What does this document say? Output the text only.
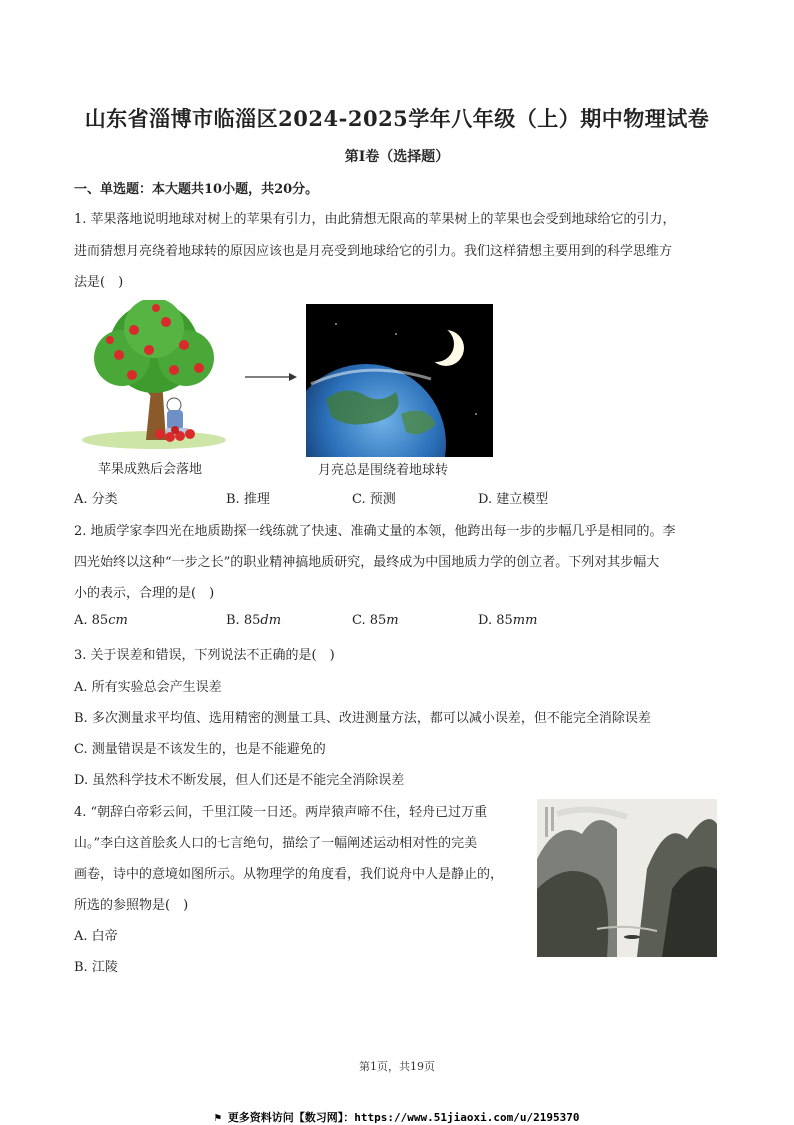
山东省淄博市临淄区2024-2025学年八年级（上）期中物理试卷
第Ⅰ卷（选择题）
一、单选题：本大题共10小题，共20分。
1. 苹果落地说明地球对树上的苹果有引力，由此猜想无限高的苹果树上的苹果也会受到地球给它的引力，
进而猜想月亮绕着地球转的原因应该也是月亮受到地球给它的引力。我们这样猜想主要用到的科学思维方
法是(　)
苹果成熟后会落地	月亮总是围绕着地球转
A. 分类	B. 推理	C. 预测	D. 建立模型
2. 地质学家李四光在地质勘探一线练就了快速、准确丈量的本领，他跨出每一步的步幅几乎是相同的。李
四光始终以这种“一步之长”的职业精神搞地质研究，最终成为中国地质力学的创立者。下列对其步幅大
小的表示，合理的是(　)
A. 85cm	B. 85dm	C. 85m	D. 85mm
3. 关于误差和错误，下列说法不正确的是(　)
A. 所有实验总会产生误差
B. 多次测量求平均值、选用精密的测量工具、改进测量方法，都可以减小误差，但不能完全消除误差
C. 测量错误是不该发生的，也是不能避免的
D. 虽然科学技术不断发展，但人们还是不能完全消除误差
4. “朝辞白帝彩云间，千里江陵一日还。两岸猿声啼不住，轻舟已过万重
山。”李白这首脍炙人口的七言绝句，描绘了一幅阐述运动相对性的完美
画卷，诗中的意境如图所示。从物理学的角度看，我们说舟中人是静止的，
所选的参照物是(　)
A. 白帝
B. 江陵
第1页，共19页
⚑ 更多资料访问【数习网】：https://www.51jiaoxi.com/u/2195370
